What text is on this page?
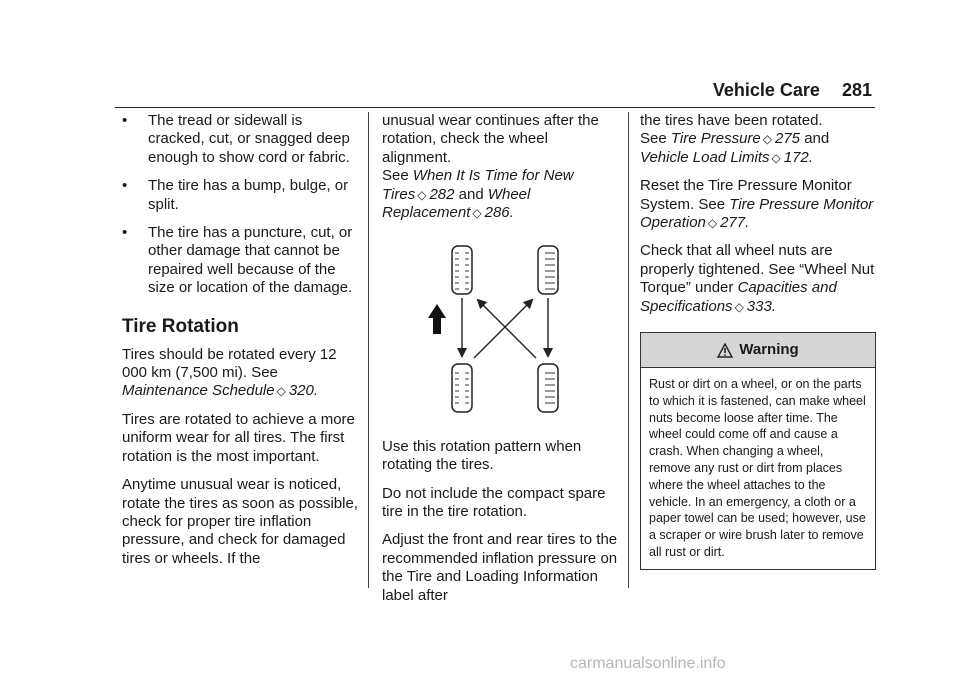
Vehicle Care 281
•	The tread or sidewall is cracked, cut, or snagged deep enough to show cord or fabric.
•	The tire has a bump, bulge, or split.
•	The tire has a puncture, cut, or other damage that cannot be repaired well because of the size or location of the damage.
Tire Rotation

Tires should be rotated every 12 000 km (7,500 mi). See Maintenance Schedule ◇ 320.

Tires are rotated to achieve a more uniform wear for all tires. The first rotation is the most important.

Anytime unusual wear is noticed, rotate the tires as soon as possible, check for proper tire inflation pressure, and check for damaged tires or wheels. If the

unusual wear continues after the rotation, check the wheel alignment.
See When It Is Time for New Tires ◇ 282 and Wheel Replacement ◇ 286.

Use this rotation pattern when rotating the tires.

Do not include the compact spare tire in the tire rotation.

Adjust the front and rear tires to the recommended inflation pressure on the Tire and Loading Information label after

the tires have been rotated.
See Tire Pressure ◇ 275 and Vehicle Load Limits ◇ 172.

Reset the Tire Pressure Monitor System. See Tire Pressure Monitor Operation ◇ 277.

Check that all wheel nuts are properly tightened. See “Wheel Nut Torque” under Capacities and Specifications ◇ 333.

Warning
Rust or dirt on a wheel, or on the parts to which it is fastened, can make wheel nuts become loose after time. The wheel could come off and cause a crash. When changing a wheel, remove any rust or dirt from places where the wheel attaches to the vehicle. In an emergency, a cloth or a paper towel can be used; however, use a scraper or wire brush later to remove all rust or dirt.
carmanualsonline.info
